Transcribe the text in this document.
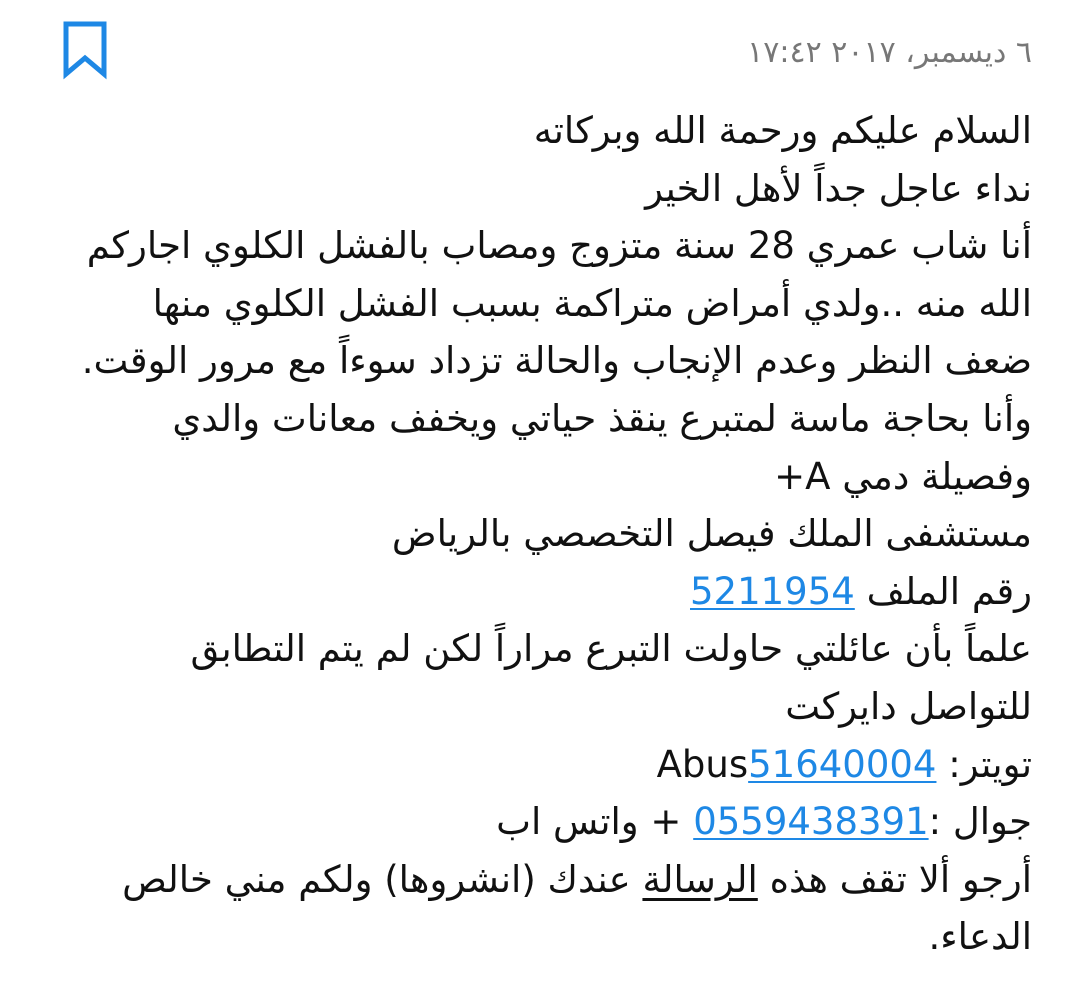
٦ ديسمبر، ٢٠١٧ ١٧:٤٢
السلام عليكم ورحمة الله وبركاته
نداء عاجل جداً لأهل الخير
أنا شاب عمري 28 سنة متزوج ومصاب بالفشل الكلوي اجاركم
الله منه ..ولدي أمراض متراكمة بسبب الفشل الكلوي منها
ضعف النظر وعدم الإنجاب والحالة تزداد سوءاً مع مرور الوقت.
وأنا بحاجة ماسة لمتبرع ينقذ حياتي ويخفف معانات والدي
وفصيلة دمي +A
مستشفى الملك فيصل التخصصي بالرياض
رقم الملف 5211954
علماً بأن عائلتي حاولت التبرع مراراً لكن لم يتم التطابق
للتواصل دايركت
تويتر: Abus51640004
جوال :0559438391 + واتس اب
أرجو ألا تقف هذه الرسالة عندك (انشروها) ولكم مني خالص
الدعاء.
